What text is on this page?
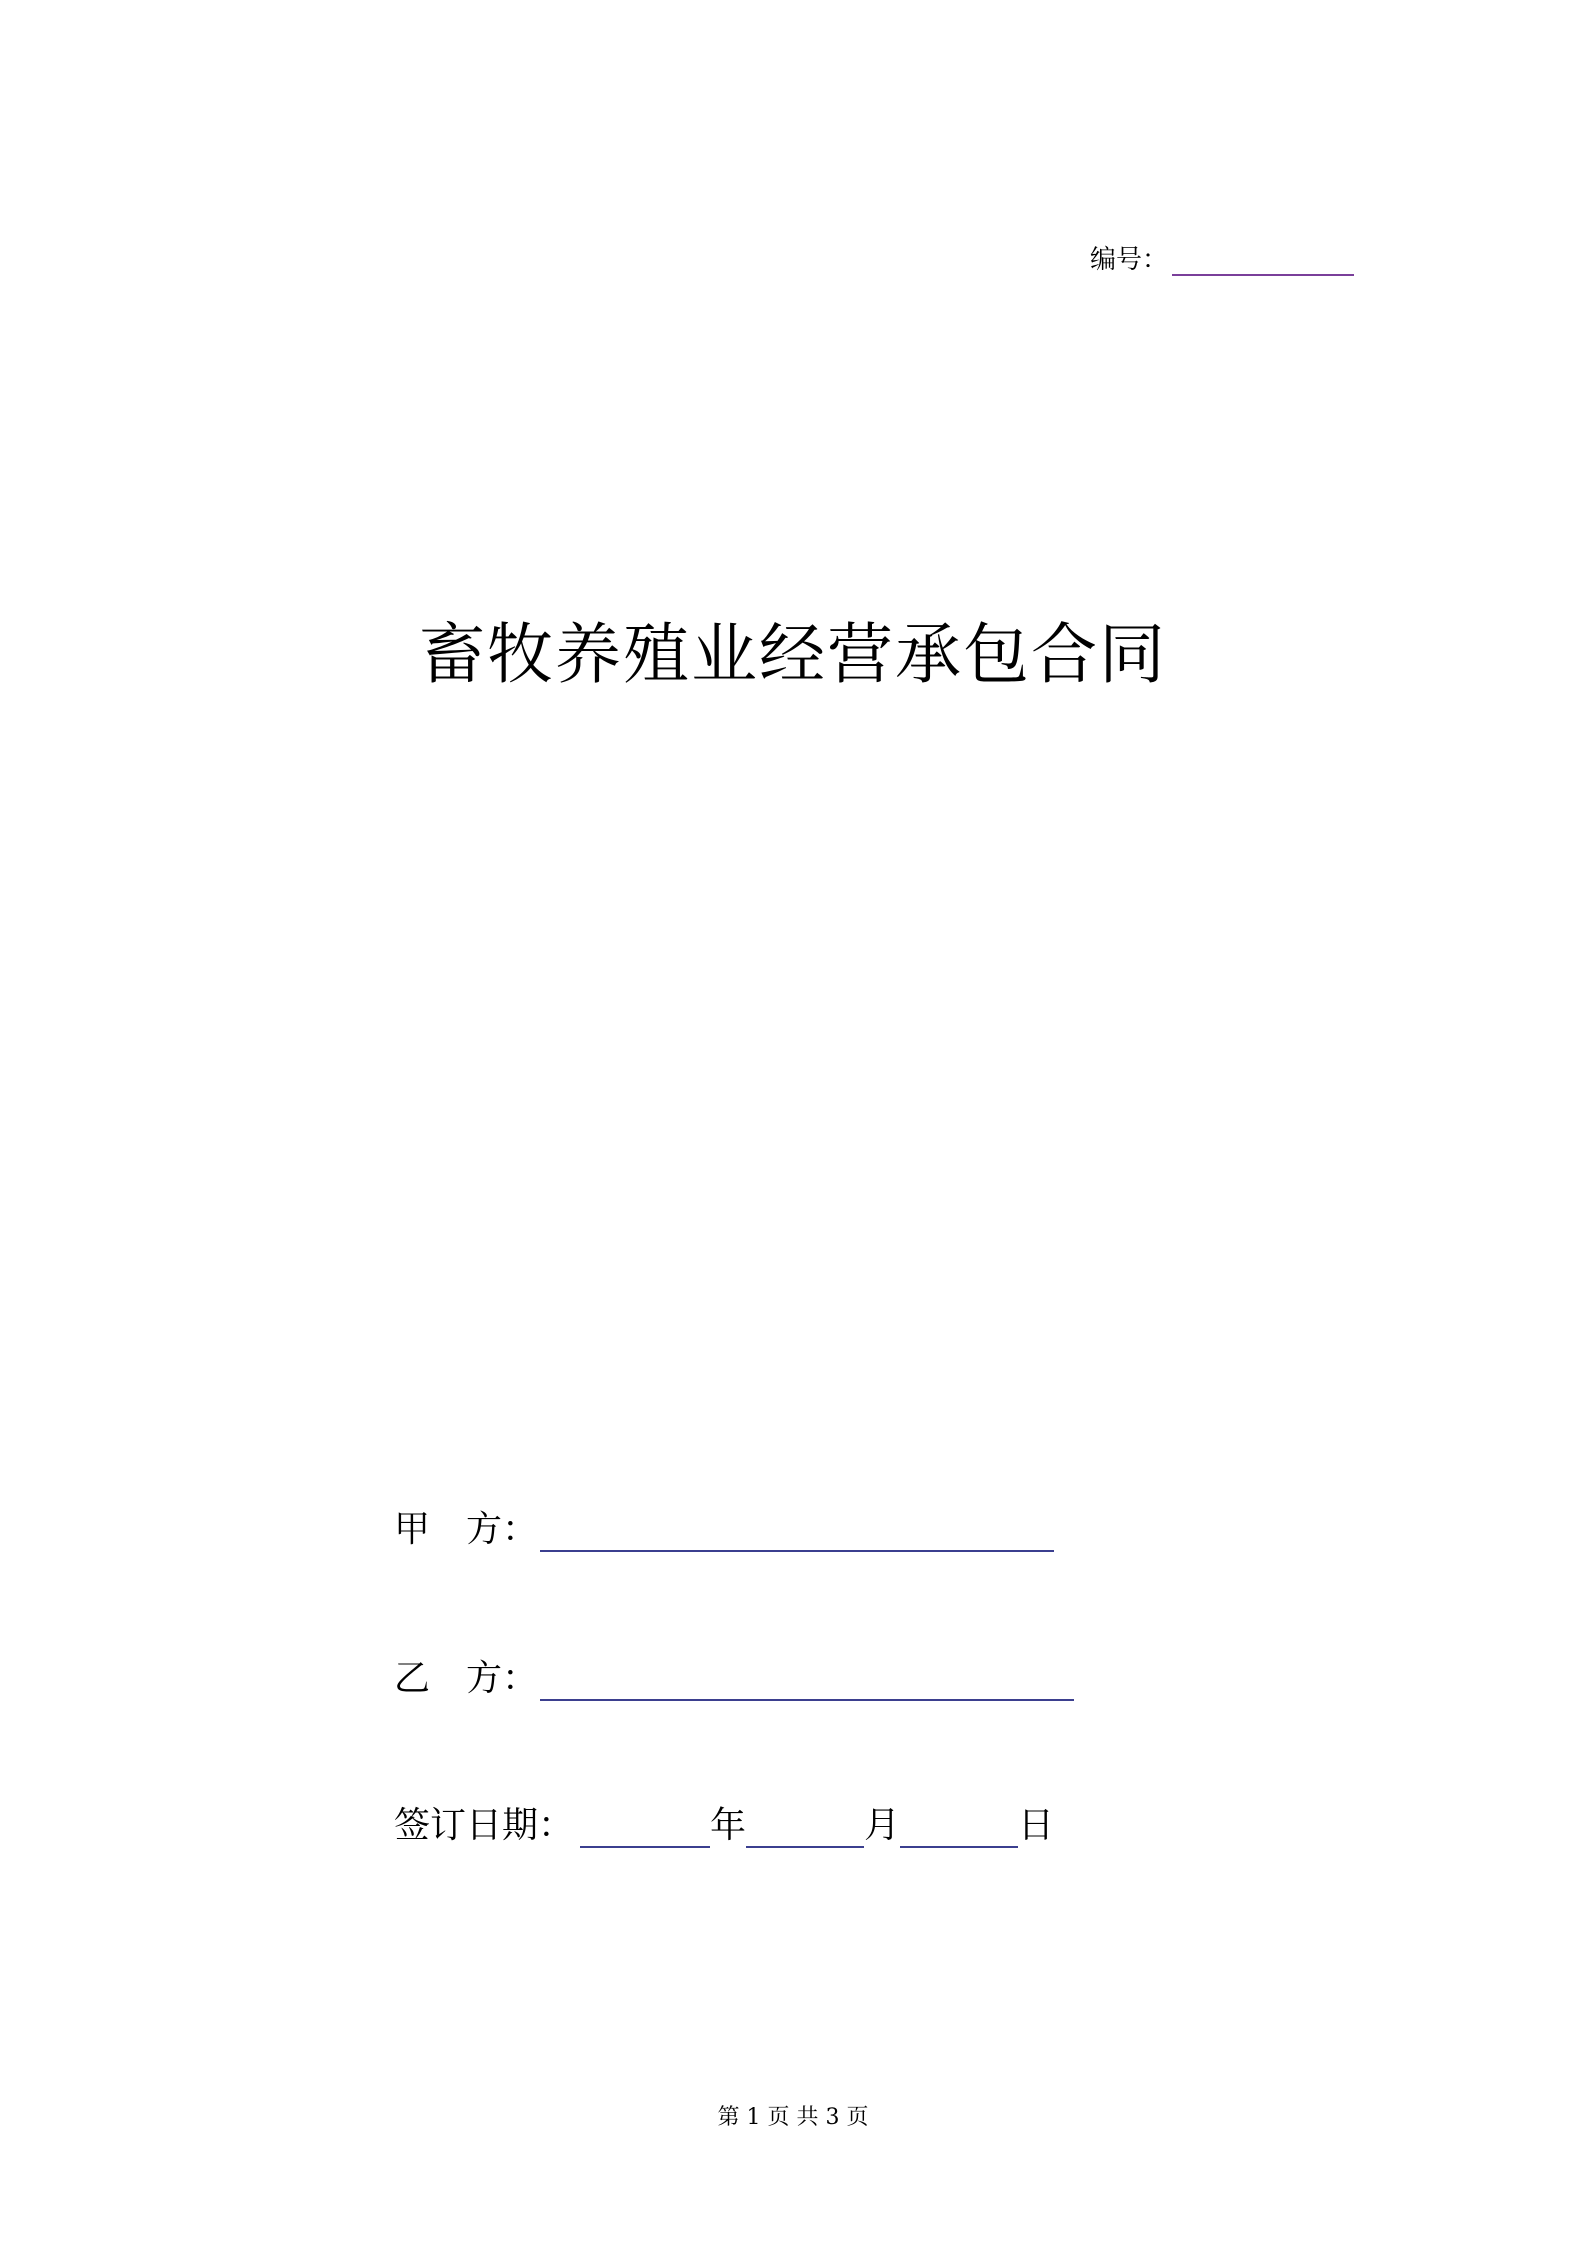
编号：
畜牧养殖业经营承包合同
甲　方：
乙　方：
签订日期：	年	月	日
第 1 页 共 3 页
